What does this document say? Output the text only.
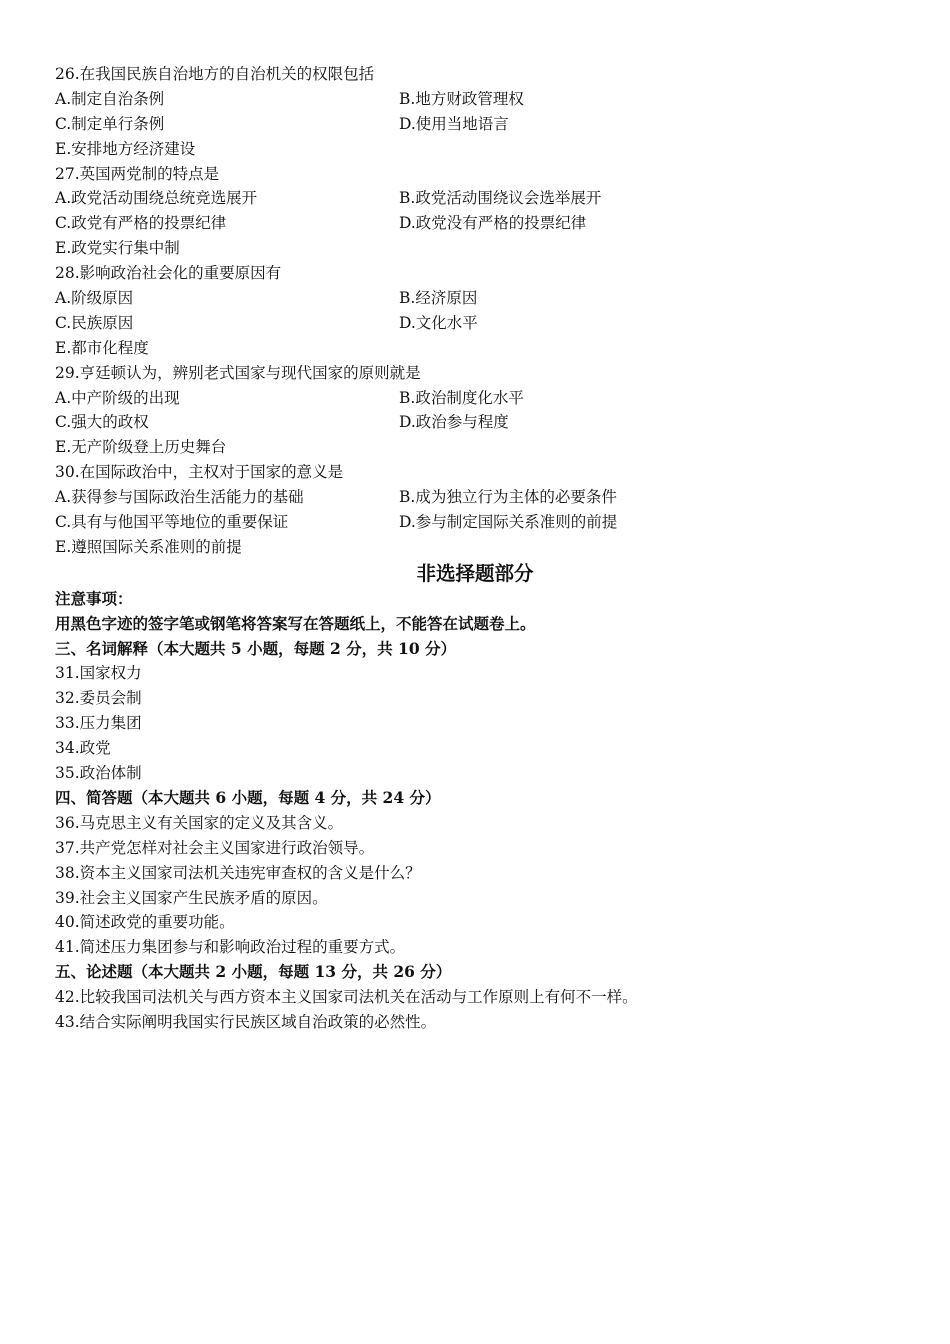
26.在我国民族自治地方的自治机关的权限包括
A.制定自治条例	B.地方财政管理权
C.制定单行条例	D.使用当地语言
E.安排地方经济建设
27.英国两党制的特点是
A.政党活动围绕总统竞选展开	B.政党活动围绕议会选举展开
C.政党有严格的投票纪律	D.政党没有严格的投票纪律
E.政党实行集中制
28.影响政治社会化的重要原因有
A.阶级原因	B.经济原因
C.民族原因	D.文化水平
E.都市化程度
29.亨廷顿认为，辨别老式国家与现代国家的原则就是
A.中产阶级的出现	B.政治制度化水平
C.强大的政权	D.政治参与程度
E.无产阶级登上历史舞台
30.在国际政治中，主权对于国家的意义是
A.获得参与国际政治生活能力的基础	B.成为独立行为主体的必要条件
C.具有与他国平等地位的重要保证	D.参与制定国际关系准则的前提
E.遵照国际关系准则的前提
非选择题部分
注意事项：
用黑色字迹的签字笔或钢笔将答案写在答题纸上，不能答在试题卷上。
三、名词解释（本大题共 5 小题，每题 2 分，共 10 分）
31.国家权力
32.委员会制
33.压力集团
34.政党
35.政治体制
四、简答题（本大题共 6 小题，每题 4 分，共 24 分）
36.马克思主义有关国家的定义及其含义。
37.共产党怎样对社会主义国家进行政治领导。
38.资本主义国家司法机关违宪审查权的含义是什么？
39.社会主义国家产生民族矛盾的原因。
40.简述政党的重要功能。
41.简述压力集团参与和影响政治过程的重要方式。
五、论述题（本大题共 2 小题，每题 13 分，共 26 分）
42.比较我国司法机关与西方资本主义国家司法机关在活动与工作原则上有何不一样。
43.结合实际阐明我国实行民族区域自治政策的必然性。
